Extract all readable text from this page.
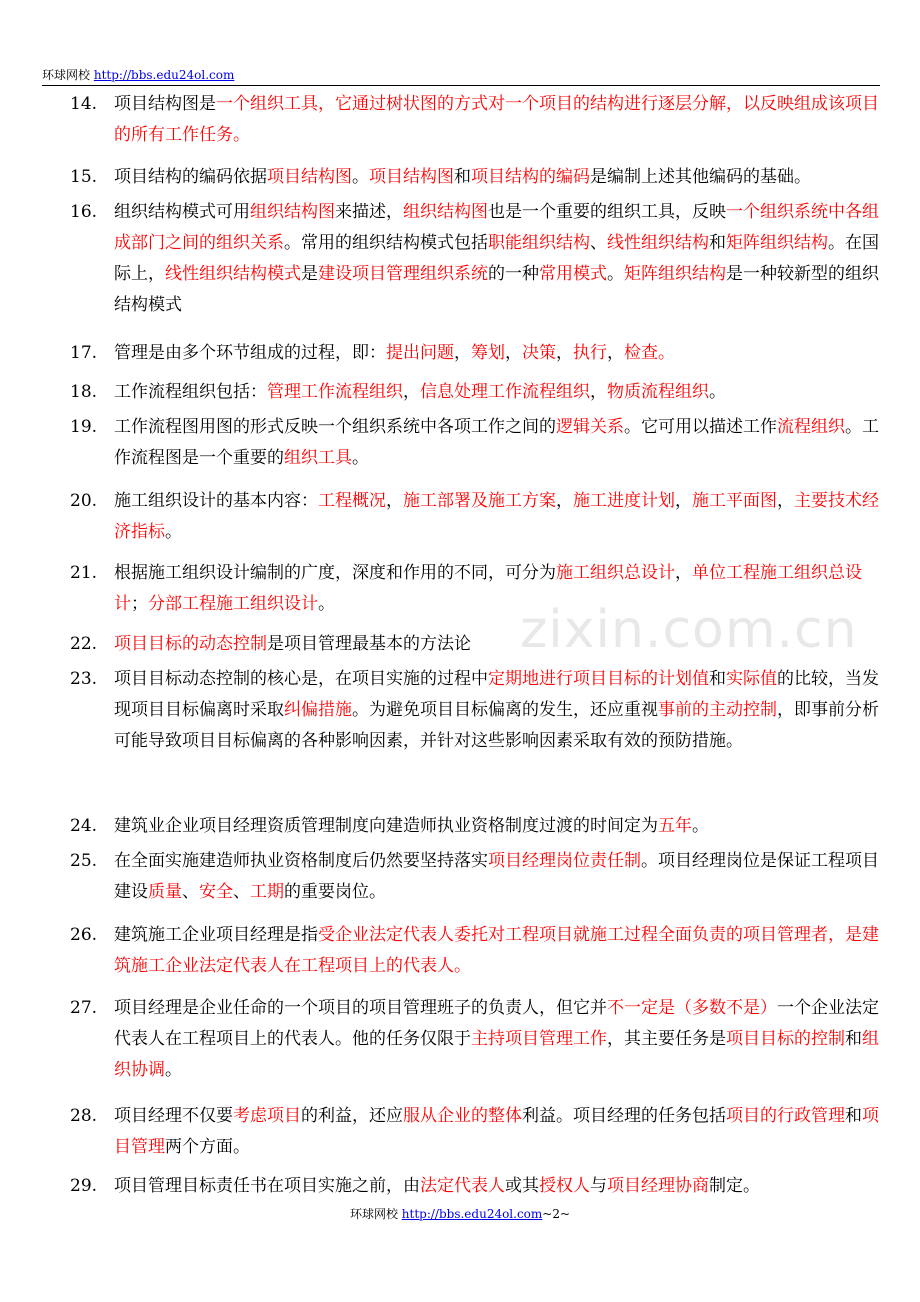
环球网校 http://bbs.edu24ol.com
zixin.com.cn
14. 项目结构图是一个组织工具，它通过树状图的方式对一个项目的结构进行逐层分解，以反映组成该项目的所有工作任务。
15. 项目结构的编码依据项目结构图。项目结构图和项目结构的编码是编制上述其他编码的基础。
16. 组织结构模式可用组织结构图来描述，组织结构图也是一个重要的组织工具，反映一个组织系统中各组成部门之间的组织关系。常用的组织结构模式包括职能组织结构、线性组织结构和矩阵组织结构。在国际上，线性组织结构模式是建设项目管理组织系统的一种常用模式。矩阵组织结构是一种较新型的组织结构模式
17. 管理是由多个环节组成的过程，即：提出问题，筹划，决策，执行，检查。
18. 工作流程组织包括：管理工作流程组织，信息处理工作流程组织，物质流程组织。
19. 工作流程图用图的形式反映一个组织系统中各项工作之间的逻辑关系。它可用以描述工作流程组织。工作流程图是一个重要的组织工具。
20. 施工组织设计的基本内容：工程概况，施工部署及施工方案，施工进度计划，施工平面图，主要技术经济指标。
21. 根据施工组织设计编制的广度，深度和作用的不同，可分为施工组织总设计，单位工程施工组织总设计；分部工程施工组织设计。
22. 项目目标的动态控制是项目管理最基本的方法论
23. 项目目标动态控制的核心是，在项目实施的过程中定期地进行项目目标的计划值和实际值的比较，当发现项目目标偏离时采取纠偏措施。为避免项目目标偏离的发生，还应重视事前的主动控制，即事前分析可能导致项目目标偏离的各种影响因素，并针对这些影响因素采取有效的预防措施。
24. 建筑业企业项目经理资质管理制度向建造师执业资格制度过渡的时间定为五年。
25. 在全面实施建造师执业资格制度后仍然要坚持落实项目经理岗位责任制。项目经理岗位是保证工程项目建设质量、安全、工期的重要岗位。
26. 建筑施工企业项目经理是指受企业法定代表人委托对工程项目就施工过程全面负责的项目管理者，是建筑施工企业法定代表人在工程项目上的代表人。
27. 项目经理是企业任命的一个项目的项目管理班子的负责人，但它并不一定是（多数不是）一个企业法定代表人在工程项目上的代表人。他的任务仅限于主持项目管理工作，其主要任务是项目目标的控制和组织协调。
28. 项目经理不仅要考虑项目的利益，还应服从企业的整体利益。项目经理的任务包括项目的行政管理和项目管理两个方面。
29. 项目管理目标责任书在项目实施之前，由法定代表人或其授权人与项目经理协商制定。
环球网校 http://bbs.edu24ol.com~2~
